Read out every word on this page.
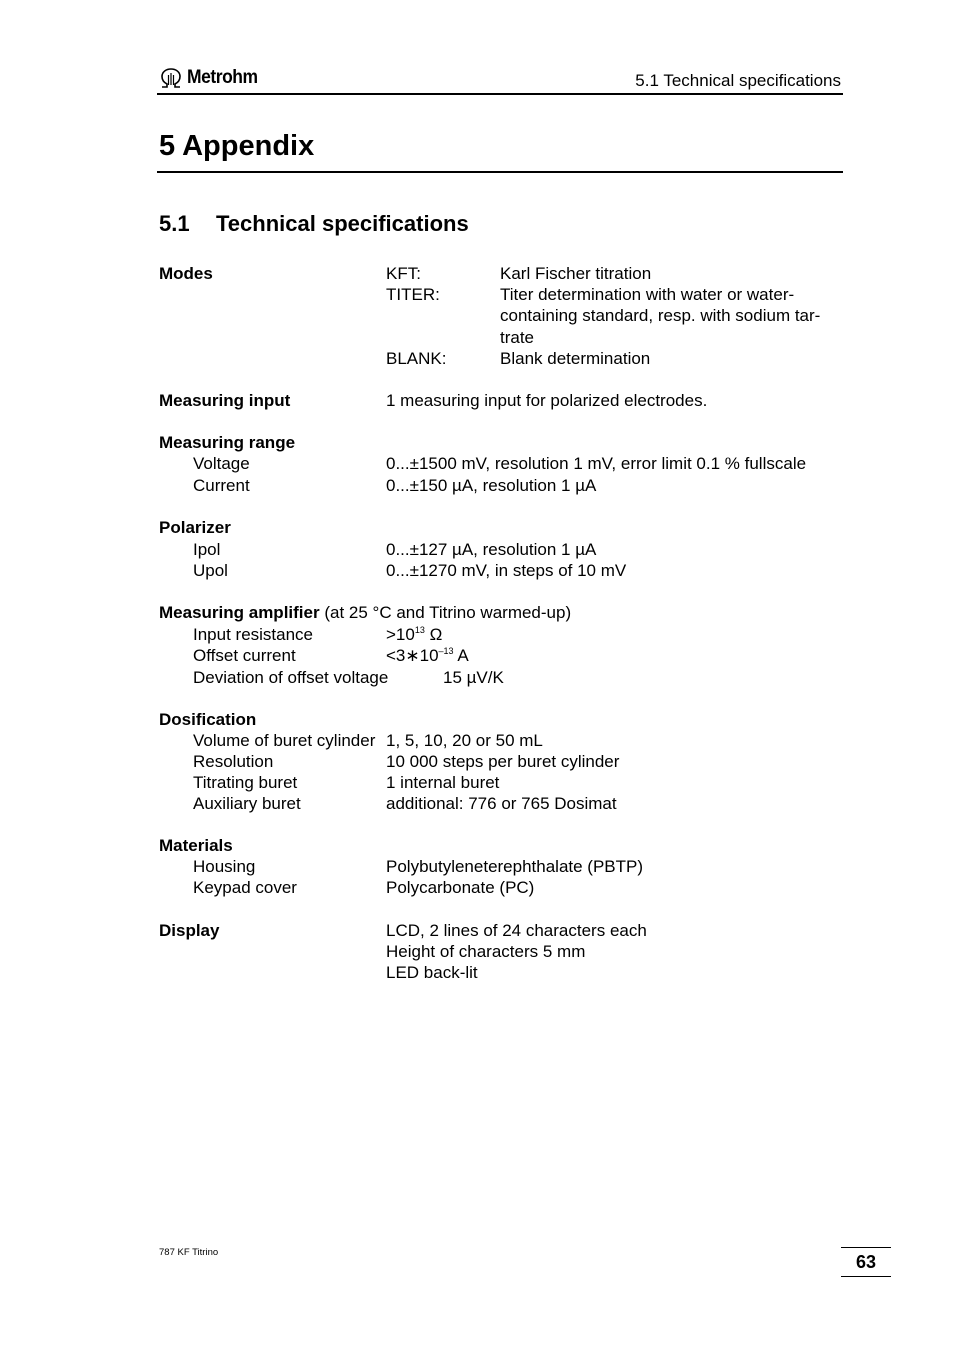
Metrohm	5.1 Technical specifications
5 Appendix
5.1 Technical specifications
Modes	KFT:	Karl Fischer titration
TITER:	Titer determination with water or water-
containing standard, resp. with sodium tar-
trate
BLANK:	Blank determination
Measuring input	1 measuring input for polarized electrodes.
Measuring range
Voltage	0...±1500 mV, resolution 1 mV, error limit 0.1 % fullscale
Current	0...±150 µA, resolution 1 µA
Polarizer
Ipol	0...±127 µA, resolution 1 µA
Upol	0...±1270 mV, in steps of 10 mV
Measuring amplifier (at 25 °C and Titrino warmed-up)
Input resistance	$>10^{13}$ Ω
Offset current	$<3∗10^{-13}$ A
Deviation of offset voltage	15 µV/K
Dosification
Volume of buret cylinder 1, 5, 10, 20 or 50 mL
Resolution	10 000 steps per buret cylinder
Titrating buret	1 internal buret
Auxiliary buret	additional: 776 or 765 Dosimat
Materials
Housing	Polybutyleneterephthalate (PBTP)
Keypad cover	Polycarbonate (PC)
Display	LCD, 2 lines of 24 characters each
Height of characters 5 mm
LED back-lit
787 KF Titrino	63
